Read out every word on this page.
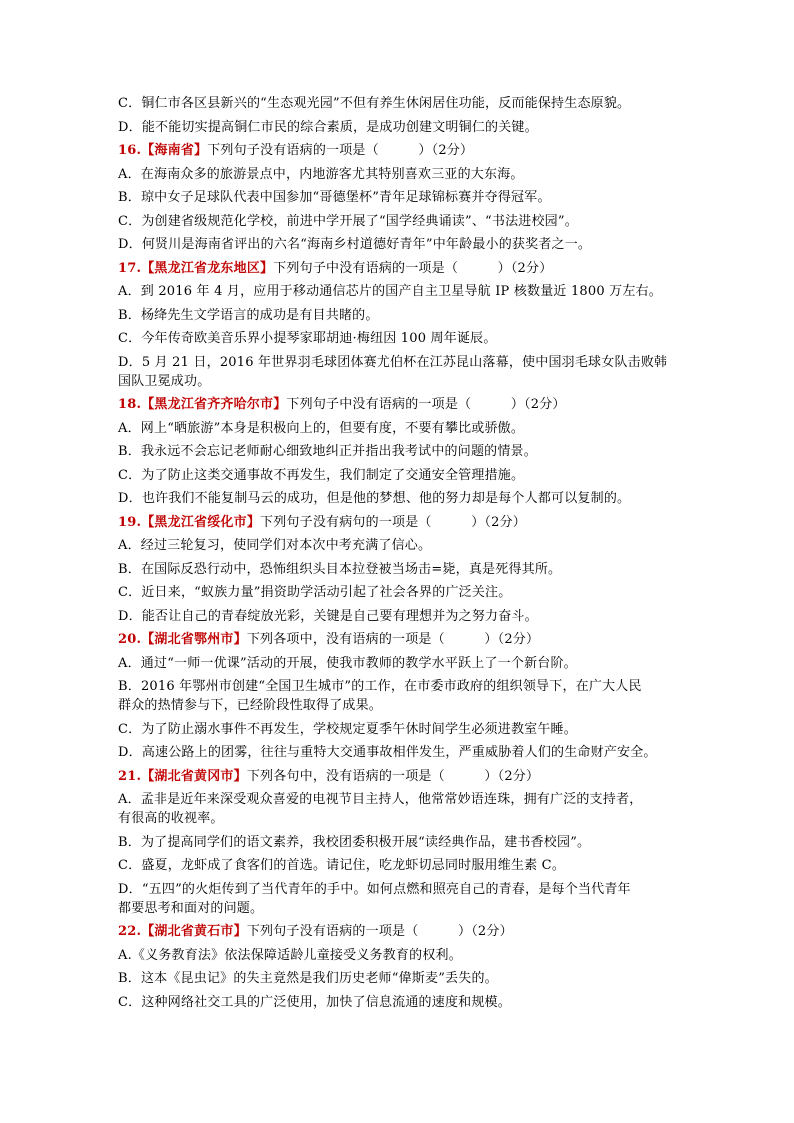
C．铜仁市各区县新兴的“生态观光园”不但有养生休闲居住功能，反而能保持生态原貌。
D．能不能切实提高铜仁市民的综合素质，是成功创建文明铜仁的关键。
16.【海南省】下列句子没有语病的一项是（　　　）（2分）
A．在海南众多的旅游景点中，内地游客尤其特别喜欢三亚的大东海。
B．琼中女子足球队代表中国参加“哥德堡杯”青年足球锦标赛并夺得冠军。
C．为创建省级规范化学校，前进中学开展了“国学经典诵读”、“书法进校园”。
D．何贤川是海南省评出的六名“海南乡村道德好青年”中年龄最小的获奖者之一。
17.【黑龙江省龙东地区】下列句子中没有语病的一项是（　　　）（2分）
A．到 2016 年 4 月，应用于移动通信芯片的国产自主卫星导航 IP 核数量近 1800 万左右。
B．杨绛先生文学语言的成功是有目共睹的。
C．今年传奇欧美音乐界小提琴家耶胡迪·梅纽因 100 周年诞辰。
D．5 月 21 日，2016 年世界羽毛球团体赛尤伯杯在江苏昆山落幕，使中国羽毛球女队击败韩
国队卫冕成功。
18.【黑龙江省齐齐哈尔市】下列句子中没有语病的一项是（　　　）（2分）
A．网上“晒旅游”本身是积极向上的，但要有度，不要有攀比或骄傲。
B．我永远不会忘记老师耐心细致地纠正并指出我考试中的问题的情景。
C．为了防止这类交通事故不再发生，我们制定了交通安全管理措施。
D．也许我们不能复制马云的成功，但是他的梦想、他的努力却是每个人都可以复制的。
19.【黑龙江省绥化市】下列句子没有病句的一项是（　　　）（2分）
A．经过三轮复习，使同学们对本次中考充满了信心。
B．在国际反恐行动中，恐怖组织头目本拉登被当场击=毙，真是死得其所。
C．近日来，“蚁族力量”捐资助学活动引起了社会各界的广泛关注。
D．能否让自己的青春绽放光彩，关键是自己要有理想并为之努力奋斗。
20.【湖北省鄂州市】下列各项中，没有语病的一项是（　　　）（2分）
A．通过“一师一优课”活动的开展，使我市教师的教学水平跃上了一个新台阶。
B．2016 年鄂州市创建“全国卫生城市”的工作，在市委市政府的组织领导下，在广大人民
群众的热情参与下，已经阶段性取得了成果。
C．为了防止溺水事件不再发生，学校规定夏季午休时间学生必须进教室午睡。
D．高速公路上的团雾，往往与重特大交通事故相伴发生，严重威胁着人们的生命财产安全。
21.【湖北省黄冈市】下列各句中，没有语病的一项是（　　　）（2分）
A．孟非是近年来深受观众喜爱的电视节目主持人，他常常妙语连珠，拥有广泛的支持者，
有很高的收视率。
B．为了提高同学们的语文素养，我校团委积极开展“读经典作品，建书香校园”。
C．盛夏，龙虾成了食客们的首选。请记住，吃龙虾切忌同时服用维生素 C。
D．“五四”的火炬传到了当代青年的手中。如何点燃和照亮自己的青春，是每个当代青年
都要思考和面对的问题。
22.【湖北省黄石市】下列句子没有语病的一项是（　　　）（2分）
A.《义务教育法》依法保障适龄儿童接受义务教育的权利。
B．这本《昆虫记》的失主竟然是我们历史老师“偉斯麦”丢失的。
C．这种网络社交工具的广泛使用，加快了信息流通的速度和规模。
